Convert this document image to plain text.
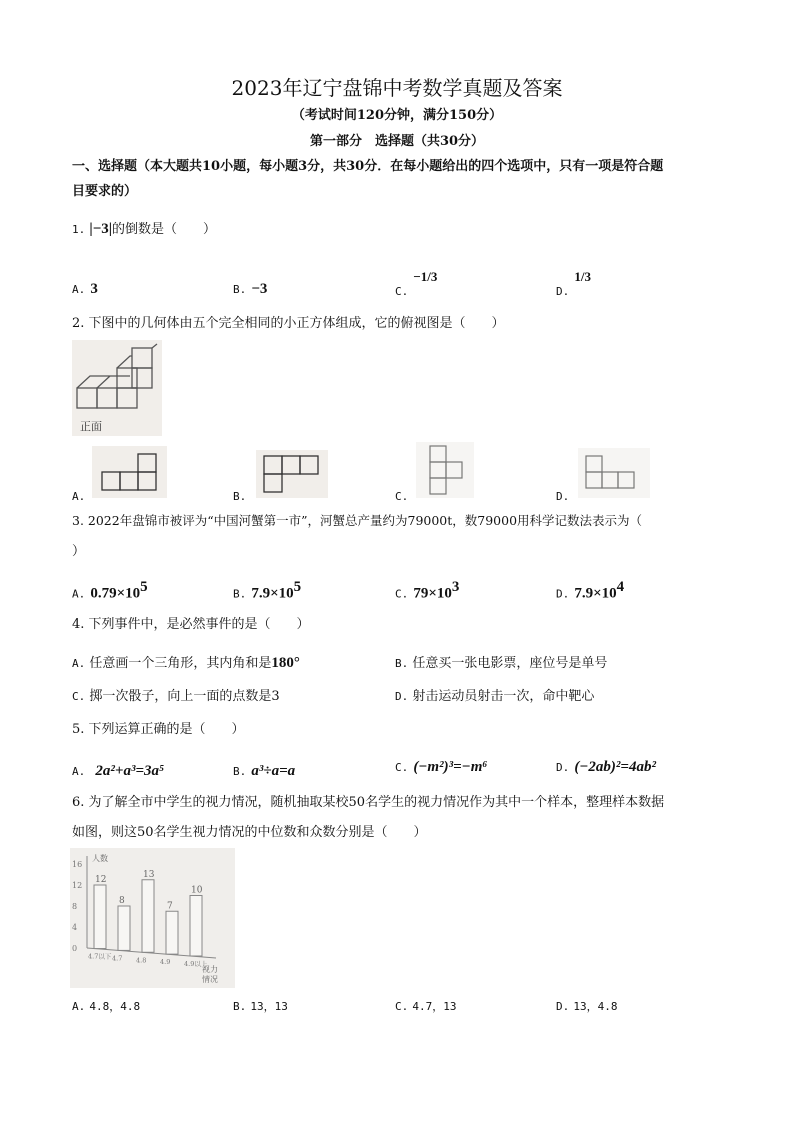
2023年辽宁盘锦中考数学真题及答案
（考试时间120分钟，满分150分）
第一部分　选择题（共30分）
一、选择题（本大题共10小题，每小题3分，共30分．在每小题给出的四个选项中，只有一项是符合题
目要求的）
1. |−3|的倒数是（　　）
A. 3	B. −3	$_{C.}$ −1/3
$_{D.}$ 1/3
2. 下图中的几何体由五个完全相同的小正方体组成，它的俯视图是（　　）
正面
A.	B.	C.	D.
3. 2022年盘锦市被评为“中国河蟹第一市”，河蟹总产量约为79000t，数79000用科学记数法表示为（
）
A. $0.79\times 10^5$	B. $7.9\times 10^5$	C. $79\times 10^3$	D. $7.9\times 10^4$
4. 下列事件中，是必然事件的是（　　）
A. 任意画一个三角形，其内角和是180°	B. 任意买一张电影票，座位号是单号
C. 掷一次骰子，向上一面的点数是3	D. 射击运动员射击一次，命中靶心
5. 下列运算正确的是（　　）
A. 2a²+a³=3a⁵	B. a³÷a=a	C. (−m²)³=−m⁶	D. (−2ab)²=4ab²
6. 为了解全市中学生的视力情况，随机抽取某校50名学生的视力情况作为其中一个样本，整理样本数据
如图，则这50名学生视力情况的中位数和众数分别是（　　）
人数
视力
情况
0
4
8
12
16
12
4.7以下
8
4.7
13
4.8
7
4.9
10
4.9以上
A. 4.8，4.8	B. 13，13	C. 4.7，13	D. 13，4.8
